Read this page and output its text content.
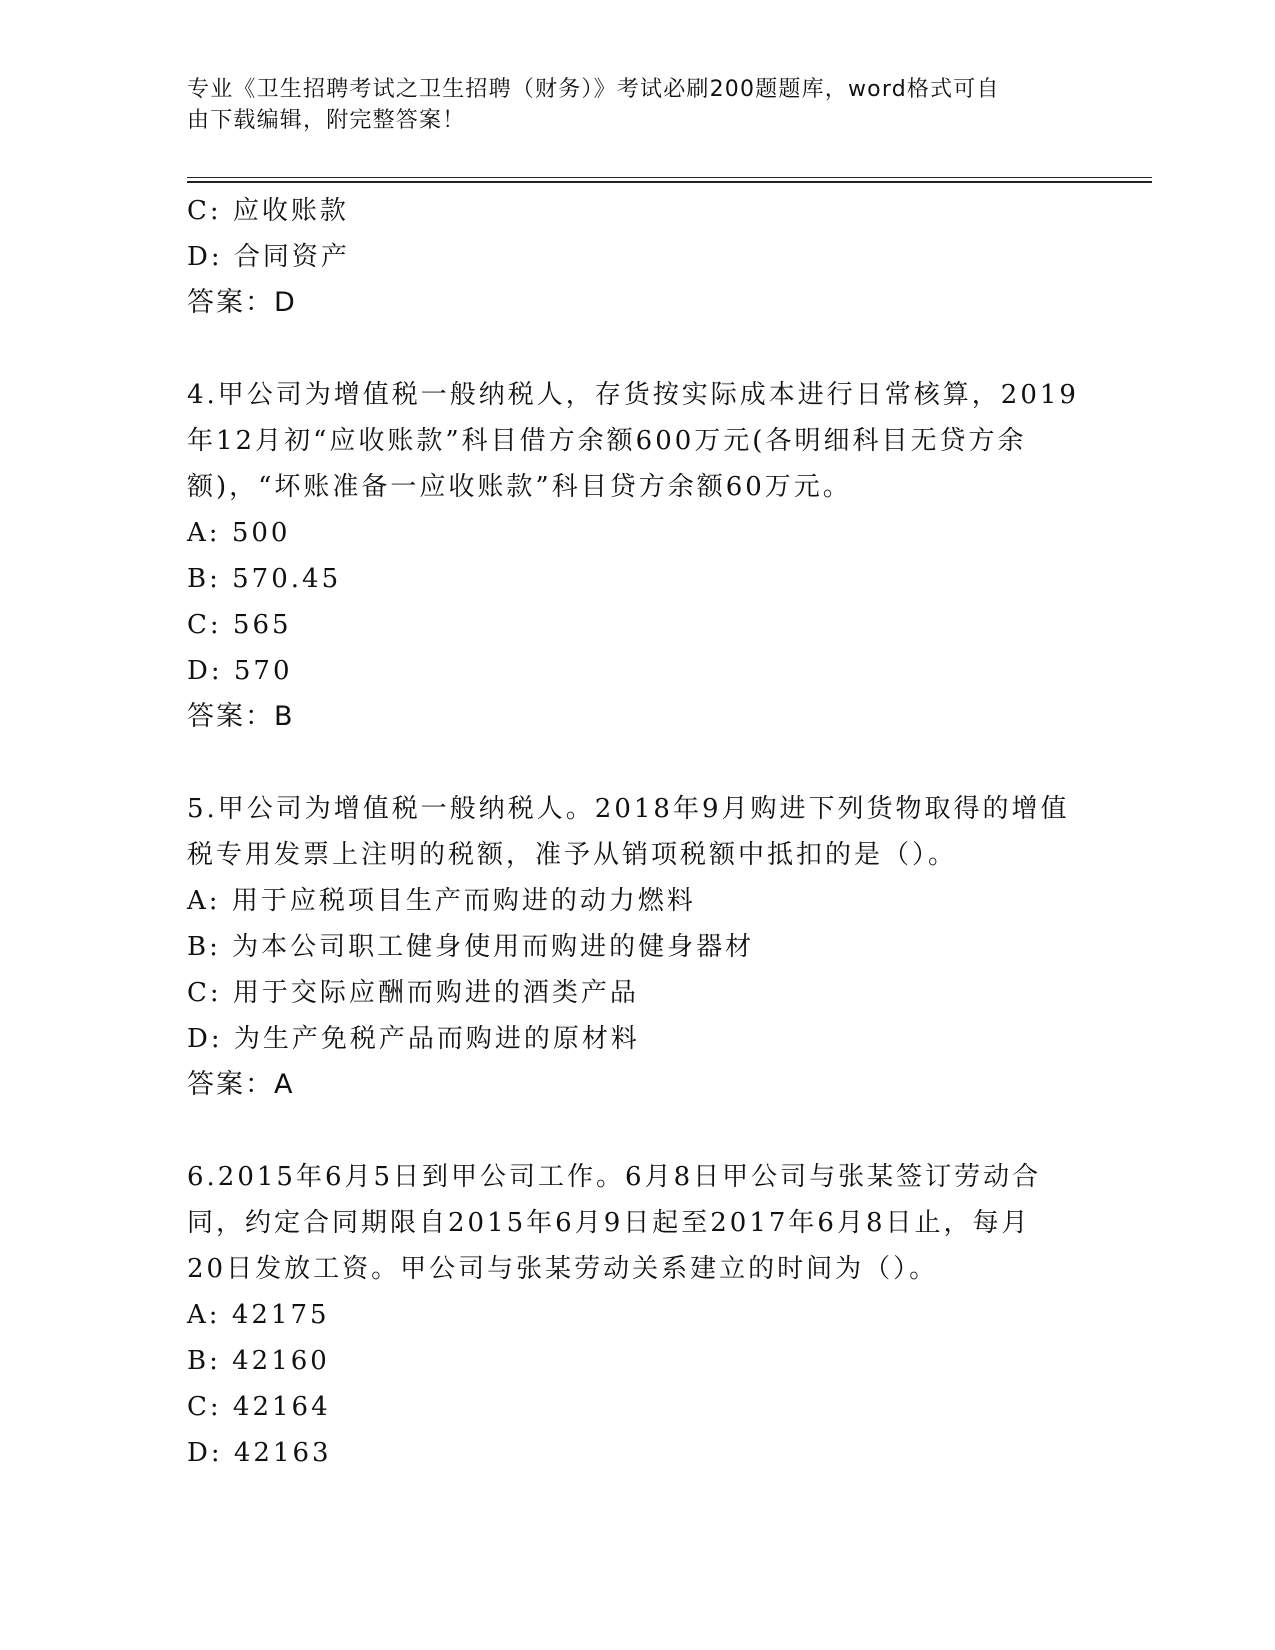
专业《卫生招聘考试之卫生招聘（财务）》考试必刷200题题库，word格式可自
由下载编辑，附完整答案！
C: 应收账款
D: 合同资产
答案：D
4.甲公司为增值税一般纳税人，存货按实际成本进行日常核算，2019
年12月初“应收账款”科目借方余额600万元(各明细科目无贷方余
额)，“坏账准备一应收账款”科目贷方余额60万元。
A: 500
B: 570.45
C: 565
D: 570
答案：B
5.甲公司为增值税一般纳税人。2018年9月购进下列货物取得的增值
税专用发票上注明的税额，准予从销项税额中抵扣的是（）。
A: 用于应税项目生产而购进的动力燃料
B: 为本公司职工健身使用而购进的健身器材
C: 用于交际应酬而购进的酒类产品
D: 为生产免税产品而购进的原材料
答案：A
6.2015年6月5日到甲公司工作。6月8日甲公司与张某签订劳动合
同，约定合同期限自2015年6月9日起至2017年6月8日止，每月
20日发放工资。甲公司与张某劳动关系建立的时间为（）。
A: 42175
B: 42160
C: 42164
D: 42163
